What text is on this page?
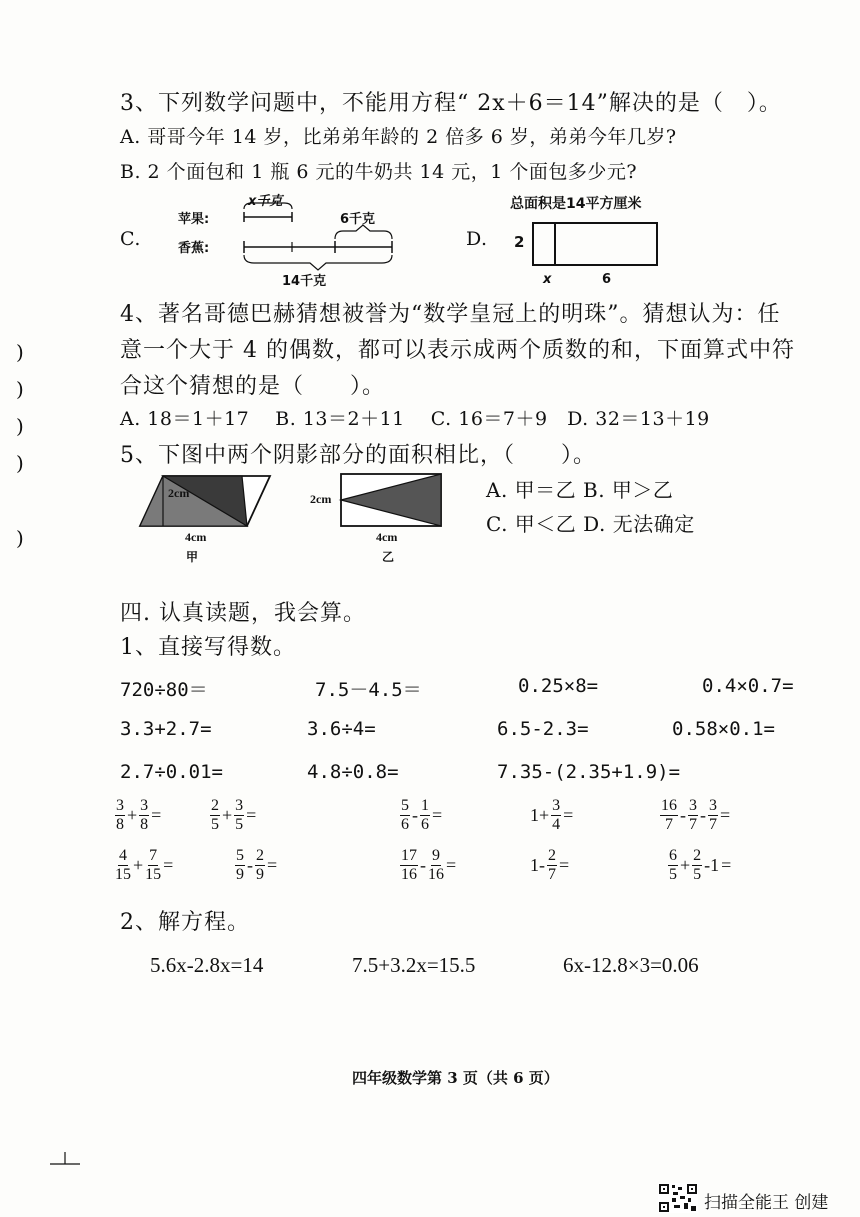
3、下列数学问题中，不能用方程“ 2x＋6＝14”解决的是（　）。
A. 哥哥今年 14 岁，比弟弟年龄的 2 倍多 6 岁，弟弟今年几岁?
B. 2 个面包和 1 瓶 6 元的牛奶共 14 元，1 个面包多少元?
C.
苹果:
香蕉:
x千克
6千克
14千克
D.
总面积是14平方厘米
2
x	6
4、著名哥德巴赫猜想被誉为“数学皇冠上的明珠”。猜想认为：任
意一个大于 4 的偶数，都可以表示成两个质数的和，下面算式中符
合这个猜想的是（　　）。
A. 18＝1＋17　 B. 13＝2＋11　 C. 16＝7＋9　D. 32＝13＋19
)
)
)
)
)
5、下图中两个阴影部分的面积相比，（　　）。
2cm
4cm
甲
2cm
4cm
乙
A. 甲＝乙 B. 甲＞乙
C. 甲＜乙 D. 无法确定
四. 认真读题，我会算。
1、直接写得数。
720÷80＝	7.5－4.5＝	0.25×8=	0.4×0.7=
3.3+2.7=	3.6÷4=	6.5-2.3=	0.58×0.1=
2.7÷0.01=	4.8÷0.8=	7.35-(2.35+1.9)=
$\frac{3}{8} + \frac{3}{8}$ =	$\frac{2}{5} + \frac{3}{5}$ =	$\frac{5}{6} - \frac{1}{6}$ =	$1+ \frac{3}{4}$ =	$\frac{16}{7} - \frac{3}{7} - \frac{3}{7}$ =
$\frac{4}{15} + \frac{7}{15}$ =	$\frac{5}{9} - \frac{2}{9}$ =	$\frac{17}{16} - \frac{9}{16}$ =	$1- \frac{2}{7}$ =	$\frac{6}{5} + \frac{2}{5} -1$ =
2、解方程。
5.6x-2.8x=14	7.5+3.2x=15.5	6x-12.8×3=0.06
四年级数学第 3 页（共 6 页）
扫描全能王 创建
